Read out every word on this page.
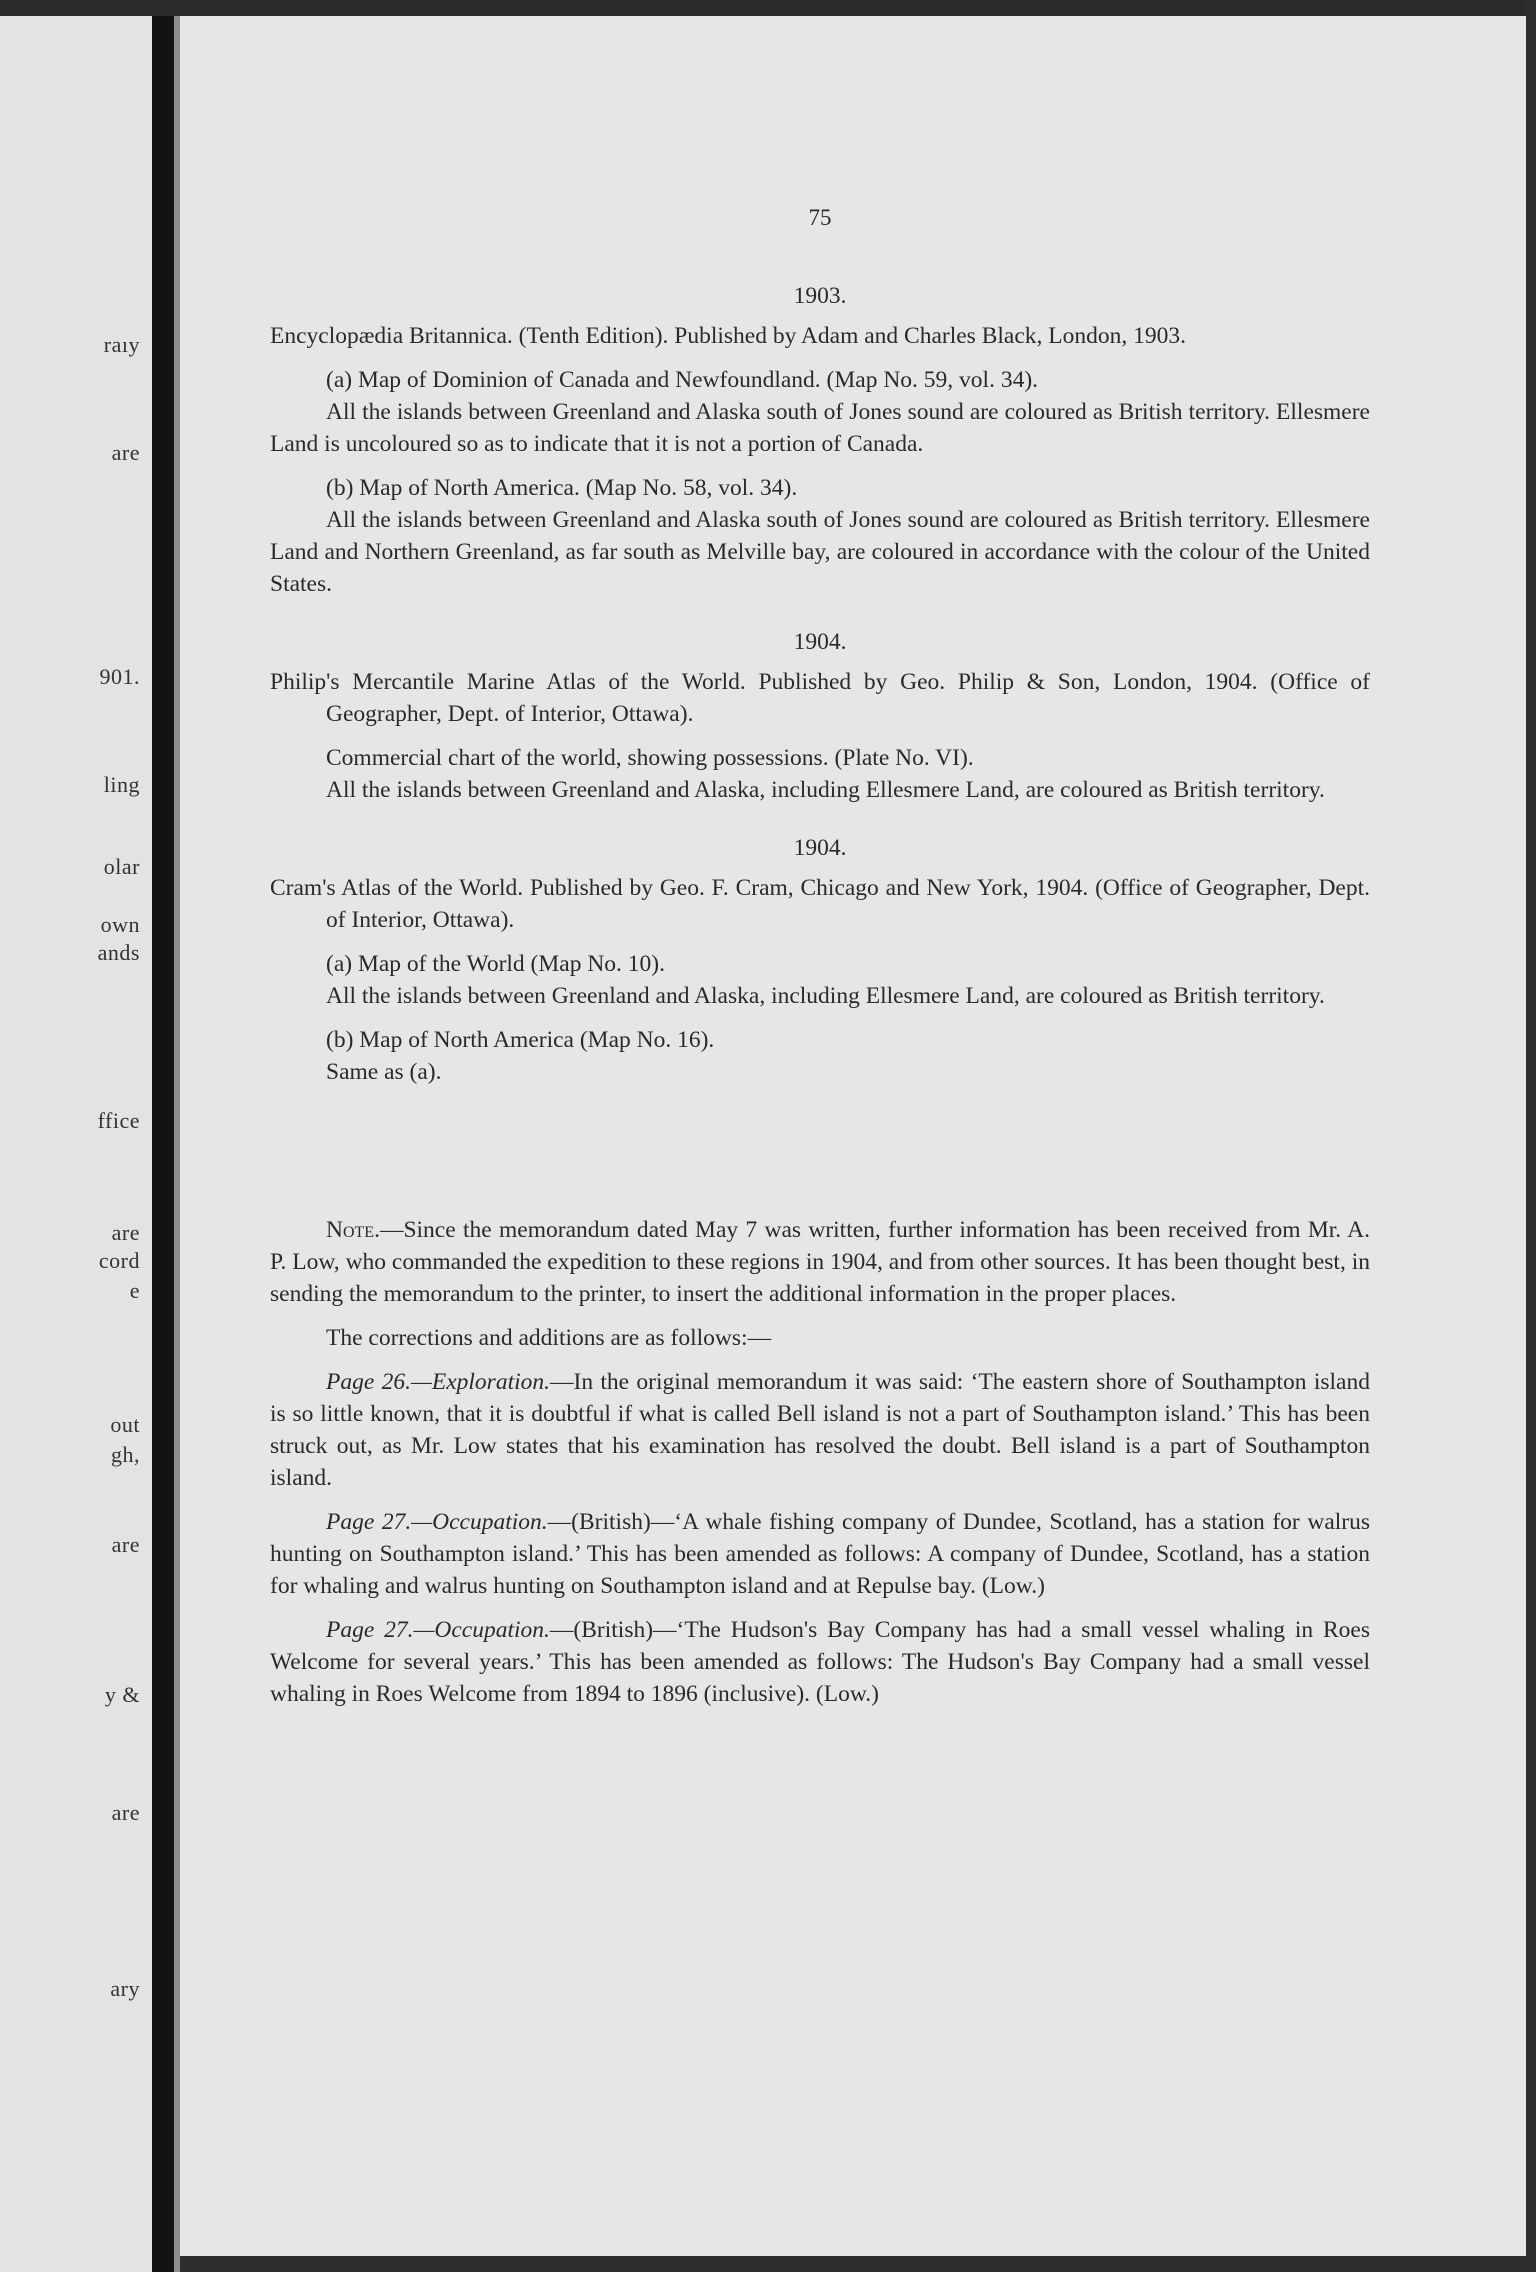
raıy
are
901.
ling
olar
own
ands
ffice
are
cord
e
out
gh,
are
y &
are
ary
75
1903.

Encyclopædia Britannica. (Tenth Edition). Published by Adam and Charles Black, London, 1903.

(a) Map of Dominion of Canada and Newfoundland. (Map No. 59, vol. 34).

All the islands between Greenland and Alaska south of Jones sound are coloured as British territory. Ellesmere Land is uncoloured so as to indicate that it is not a portion of Canada.

(b) Map of North America. (Map No. 58, vol. 34).

All the islands between Greenland and Alaska south of Jones sound are coloured as British territory. Ellesmere Land and Northern Greenland, as far south as Melville bay, are coloured in accordance with the colour of the United States.

1904.

Philip's Mercantile Marine Atlas of the World. Published by Geo. Philip & Son, London, 1904. (Office of Geographer, Dept. of Interior, Ottawa).

Commercial chart of the world, showing possessions. (Plate No. VI).

All the islands between Greenland and Alaska, including Ellesmere Land, are coloured as British territory.

1904.

Cram's Atlas of the World. Published by Geo. F. Cram, Chicago and New York, 1904. (Office of Geographer, Dept. of Interior, Ottawa).

(a) Map of the World (Map No. 10).

All the islands between Greenland and Alaska, including Ellesmere Land, are coloured as British territory.

(b) Map of North America (Map No. 16).

Same as (a).

Note.—Since the memorandum dated May 7 was written, further information has been received from Mr. A. P. Low, who commanded the expedition to these regions in 1904, and from other sources. It has been thought best, in sending the memorandum to the printer, to insert the additional information in the proper places.

The corrections and additions are as follows:—

Page 26.—Exploration.—In the original memorandum it was said: ‘The eastern shore of Southampton island is so little known, that it is doubtful if what is called Bell island is not a part of Southampton island.’ This has been struck out, as Mr. Low states that his examination has resolved the doubt. Bell island is a part of Southampton island.

Page 27.—Occupation.—(British)—‘A whale fishing company of Dundee, Scotland, has a station for walrus hunting on Southampton island.’ This has been amended as follows: A company of Dundee, Scotland, has a station for whaling and walrus hunting on Southampton island and at Repulse bay. (Low.)

Page 27.—Occupation.—(British)—‘The Hudson's Bay Company has had a small vessel whaling in Roes Welcome for several years.’ This has been amended as follows: The Hudson's Bay Company had a small vessel whaling in Roes Welcome from 1894 to 1896 (inclusive). (Low.)
